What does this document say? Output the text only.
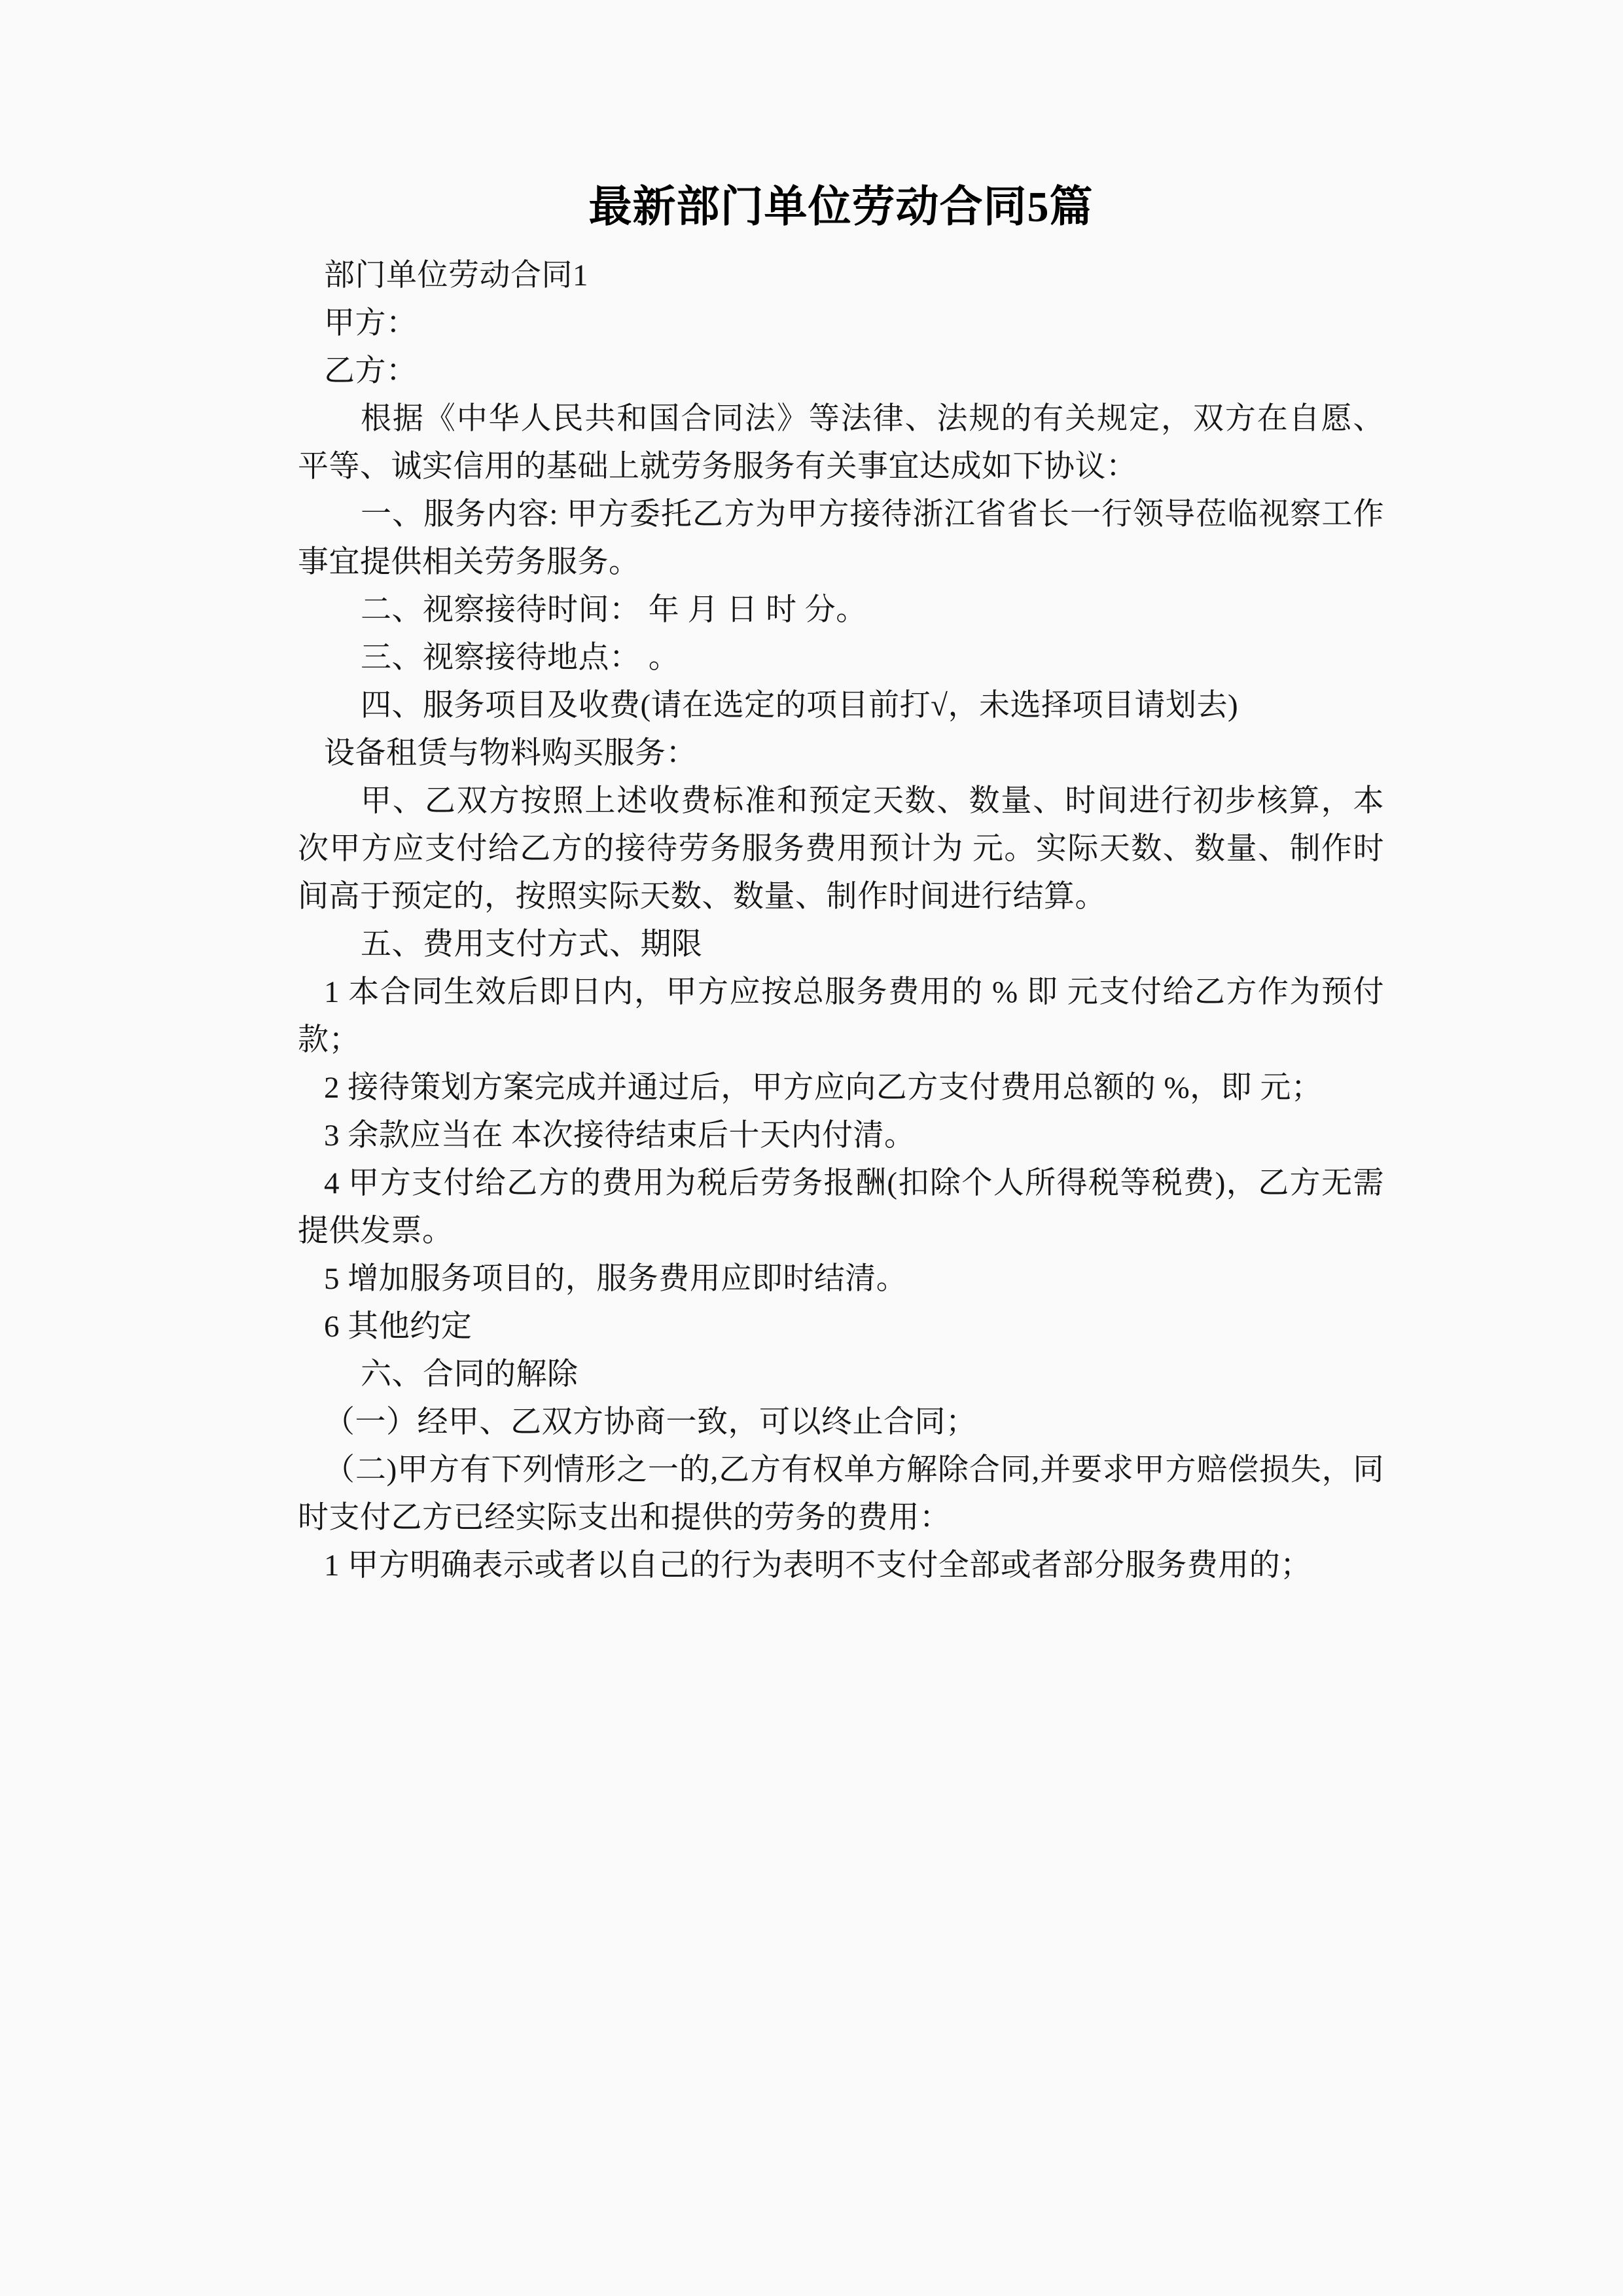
最新部门单位劳动合同5篇

部门单位劳动合同1

甲方：

乙方：

根据《中华人民共和国合同法》等法律、法规的有关规定，双方在自愿、平等、诚实信用的基础上就劳务服务有关事宜达成如下协议：

一、服务内容: 甲方委托乙方为甲方接待浙江省省长一行领导莅临视察工作事宜提供相关劳务服务。

二、视察接待时间： 年 月 日 时 分。

三、视察接待地点： 。

四、服务项目及收费(请在选定的项目前打√，未选择项目请划去)

设备租赁与物料购买服务：

甲、乙双方按照上述收费标准和预定天数、数量、时间进行初步核算，本次甲方应支付给乙方的接待劳务服务费用预计为 元。实际天数、数量、制作时间高于预定的，按照实际天数、数量、制作时间进行结算。

五、费用支付方式、期限

1 本合同生效后即日内，甲方应按总服务费用的 % 即 元支付给乙方作为预付款；

2 接待策划方案完成并通过后，甲方应向乙方支付费用总额的 %，即 元；

3 余款应当在 本次接待结束后十天内付清。

4 甲方支付给乙方的费用为税后劳务报酬(扣除个人所得税等税费)，乙方无需提供发票。

5 增加服务项目的，服务费用应即时结清。

6 其他约定

六、合同的解除

（一）经甲、乙双方协商一致，可以终止合同；

（二)甲方有下列情形之一的,乙方有权单方解除合同,并要求甲方赔偿损失，同时支付乙方已经实际支出和提供的劳务的费用：

1 甲方明确表示或者以自己的行为表明不支付全部或者部分服务费用的；
